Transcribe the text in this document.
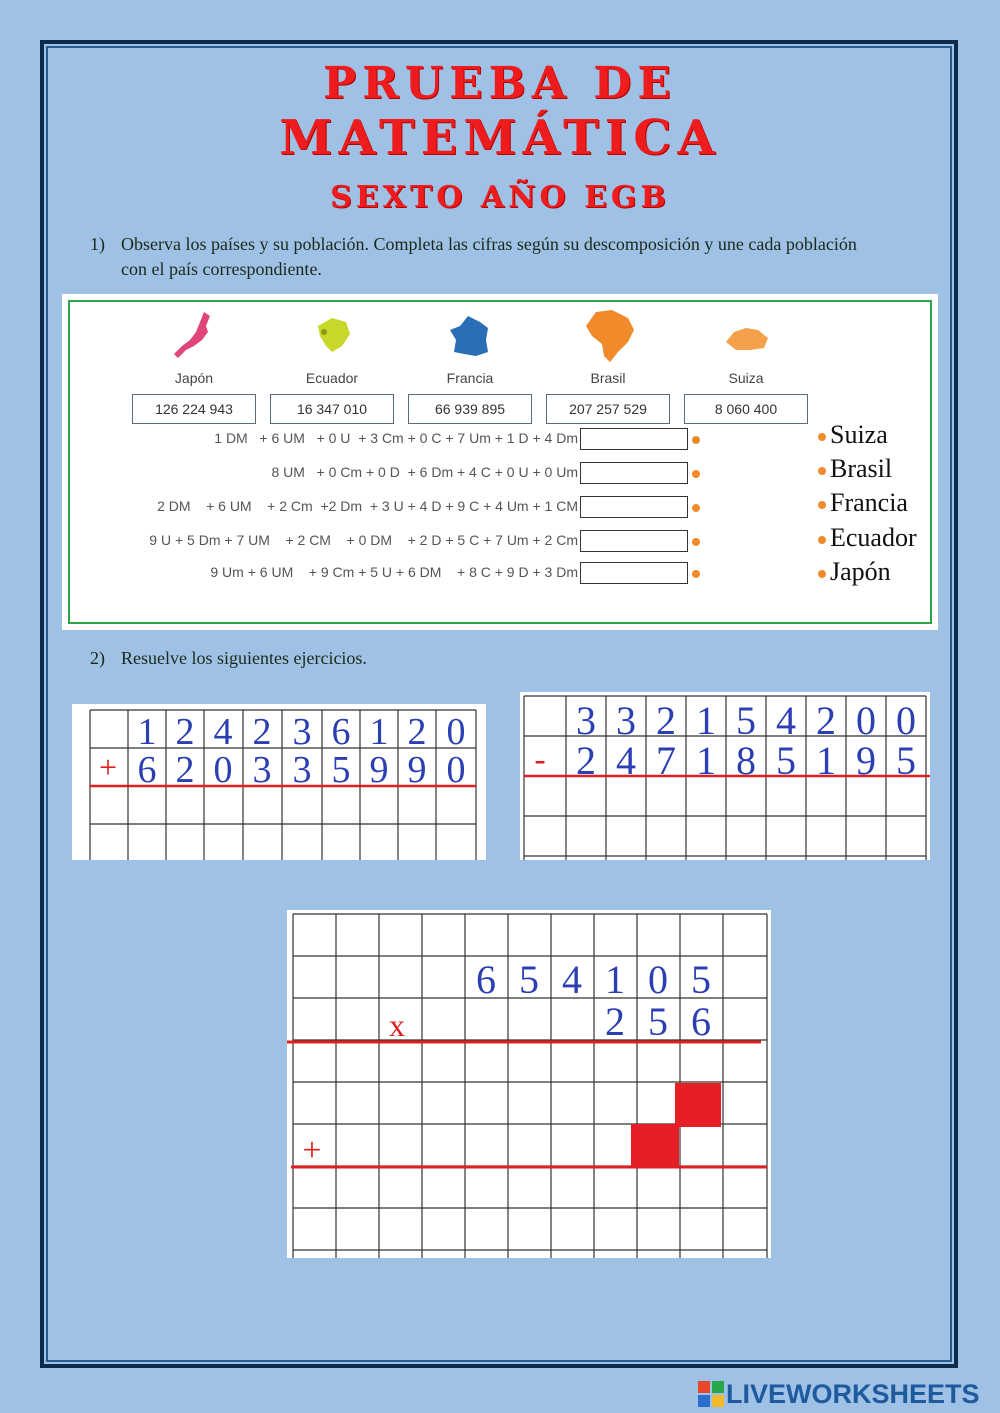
PRUEBA DE
MATEMÁTICA
SEXTO AÑO EGB
1) Observa los países y su población. Completa las cifras según su descomposición y une cada población con el país correspondiente.
Japón
126 224 943
Ecuador
16 347 010
Francia
66 939 895
Brasil
207 257 529
Suiza
8 060 400
1 DM   + 6 UM   + 0 U  + 3 Cm + 0 C + 7 Um + 1 D + 4 Dm
8 UM   + 0 Cm + 0 D  + 6 Dm + 4 C + 0 U + 0 Um
2 DM    + 6 UM    + 2 Cm  +2 Dm  + 3 U + 4 D + 9 C + 4 Um + 1 CM
9 U + 5 Dm + 7 UM    + 2 CM    + 0 DM    + 2 D + 5 C + 7 Um + 2 Cm
9 Um + 6 UM    + 9 Cm + 5 U + 6 DM    + 8 C + 9 D + 3 Dm
Suiza
Brasil
Francia
Ecuador
Japón
2) Resuelve los siguientes ejercicios.
+
1 2 4 2 3 6 1 2 0
6 2 0 3 3 5 9 9 0 -
3 3 2 1 5 4 2 0 0
2 4 7 1 8 5 1 9 5
x
+
6 5 4 1 0 5
2 5 6
LIVEWORKSHEETS
